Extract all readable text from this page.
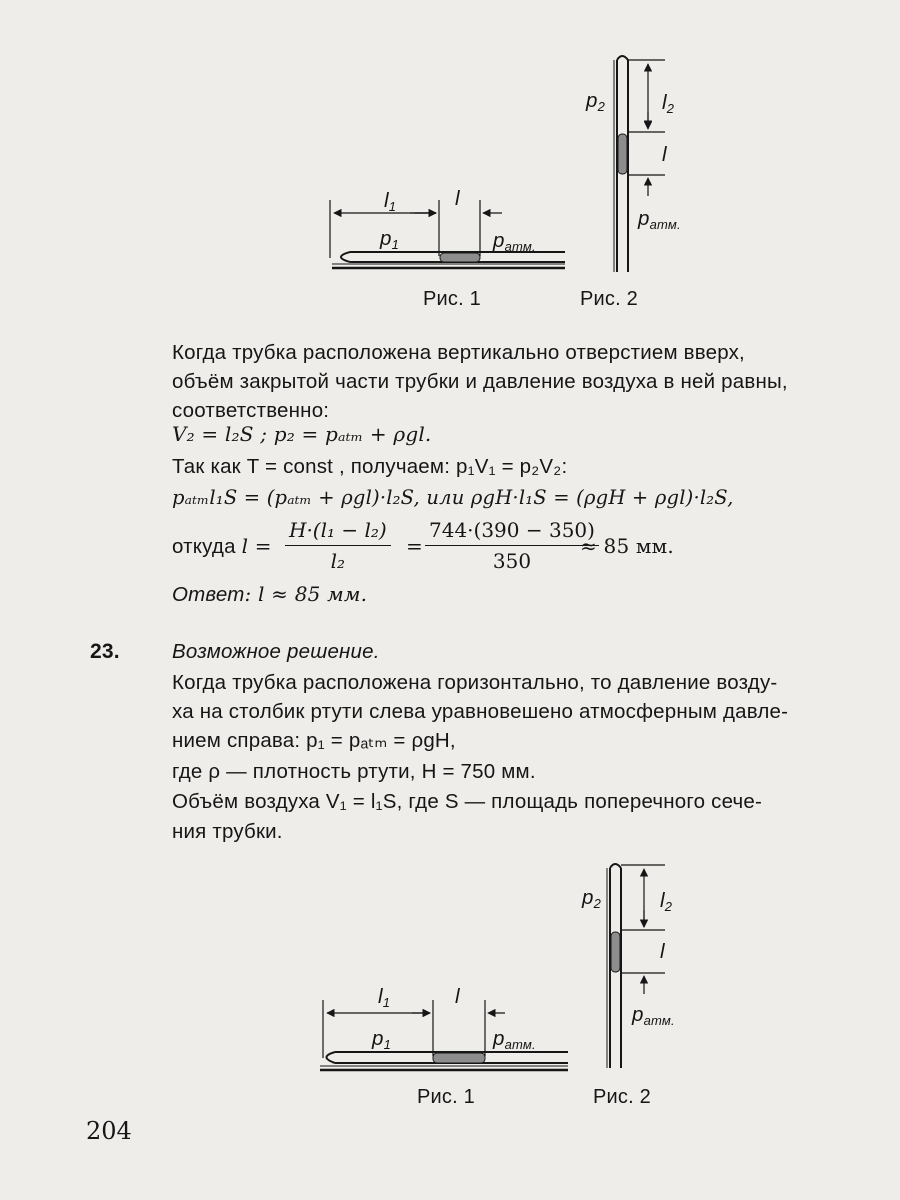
$l_1$	l
$p_1$	$p_{атм.}$
Рис. 1
$p_2$	$l_2$
l
$p_{атм.}$
Рис. 2
Когда трубка расположена вертикально отверстием вверх,
объём закрытой части трубки и давление воздуха в ней равны,
соответственно:
V₂ = l₂S ; p₂ = pₐₜₘ + ρgl.
Так как T = const , получаем: p₁V₁ = p₂V₂:
pₐₜₘl₁S = (pₐₜₘ + ρgl)·l₂S, или ρgH·l₁S = (ρgH + ρgl)·l₂S,
откуда $l = \frac{\text{H·(l₁ − l₂)}}{\text{l₂}} = \frac{744\cdot(390 - 350)}{350}$
≈ 85 мм.
Ответ: l ≈ 85 мм.
23.	Возможное решение.
Когда трубка расположена горизонтально, то давление возду-
ха на столбик ртути слева уравновешено атмосферным давле-
нием справа: p₁ = pₐₜₘ = ρgH,
где ρ — плотность ртути, H = 750 мм.
Объём воздуха V₁ = l₁S, где S — площадь поперечного сече-
ния трубки.
$l_1$	l
$p_1$	$p_{атм.}$
Рис. 1
$p_2$	$l_2$
l
$p_{атм.}$
Рис. 2
204
